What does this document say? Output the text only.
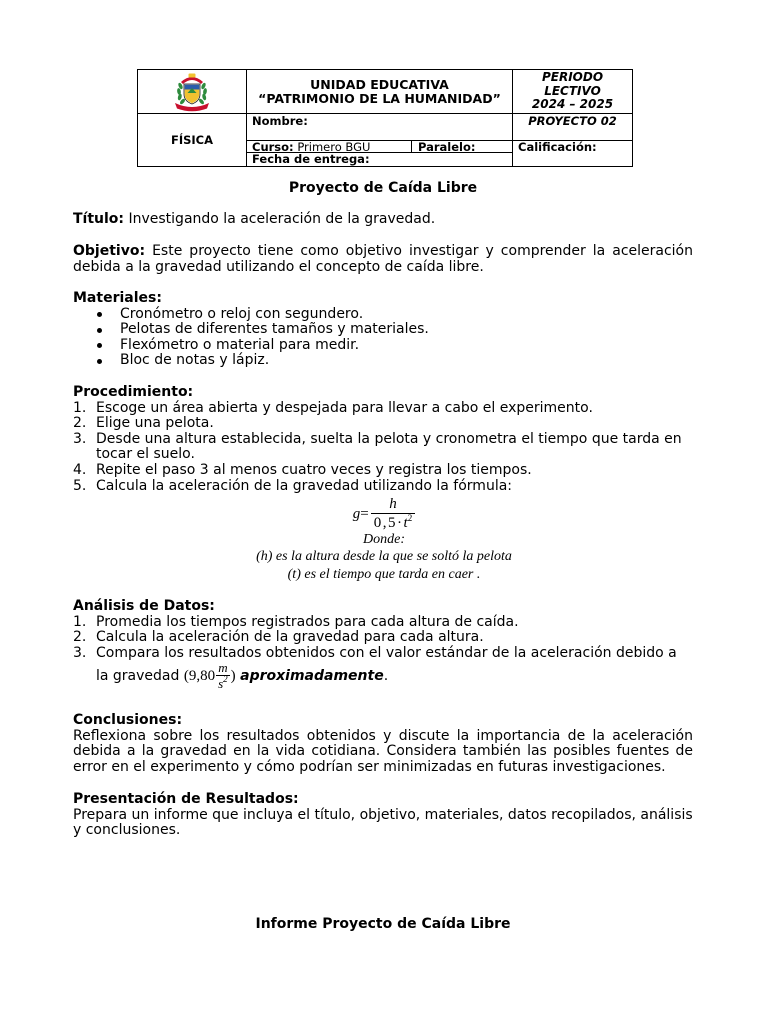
UNIDAD EDUCATIVA
“PATRIMONIO DE LA HUMANIDAD”
PERIODO
LECTIVO
2024 – 2025
FÍSICA
Nombre:
Curso: Primero BGU	Paralelo:
Fecha de entrega:
PROYECTO 02
Calificación:
Proyecto de Caída Libre
Título: Investigando la aceleración de la gravedad.
Objetivo: Este proyecto tiene como objetivo investigar y comprender la aceleración debida a la gravedad utilizando el concepto de caída libre.
Materiales:
Cronómetro o reloj con segundero.
Pelotas de diferentes tamaños y materiales.
Flexómetro o material para medir.
Bloc de notas y lápiz.
Procedimiento:
1. Escoge un área abierta y despejada para llevar a cabo el experimento.
2. Elige una pelota.
3. Desde una altura establecida, suelta la pelota y cronometra el tiempo que tarda en tocar el suelo.
4. Repite el paso 3 al menos cuatro veces y registra los tiempos.
5. Calcula la aceleración de la gravedad utilizando la fórmula:
$g = \frac{h}{0,5\cdot t^2}$
Donde:
(h) es la altura desde la que se soltó la pelota
(t) es el tiempo que tarda en caer .
Análisis de Datos:
1. Promedia los tiempos registrados para cada altura de caída.
2. Calcula la aceleración de la gravedad para cada altura.
3. Compara los resultados obtenidos con el valor estándar de la aceleración debido a la gravedad ($9,80 \frac{m}{s^2}$ ) aproximadamente.
Conclusiones:
Reflexiona sobre los resultados obtenidos y discute la importancia de la aceleración debida a la gravedad en la vida cotidiana. Considera también las posibles fuentes de error en el experimento y cómo podrían ser minimizadas en futuras investigaciones.
Presentación de Resultados:
Prepara un informe que incluya el título, objetivo, materiales, datos recopilados, análisis y conclusiones.
Informe Proyecto de Caída Libre
